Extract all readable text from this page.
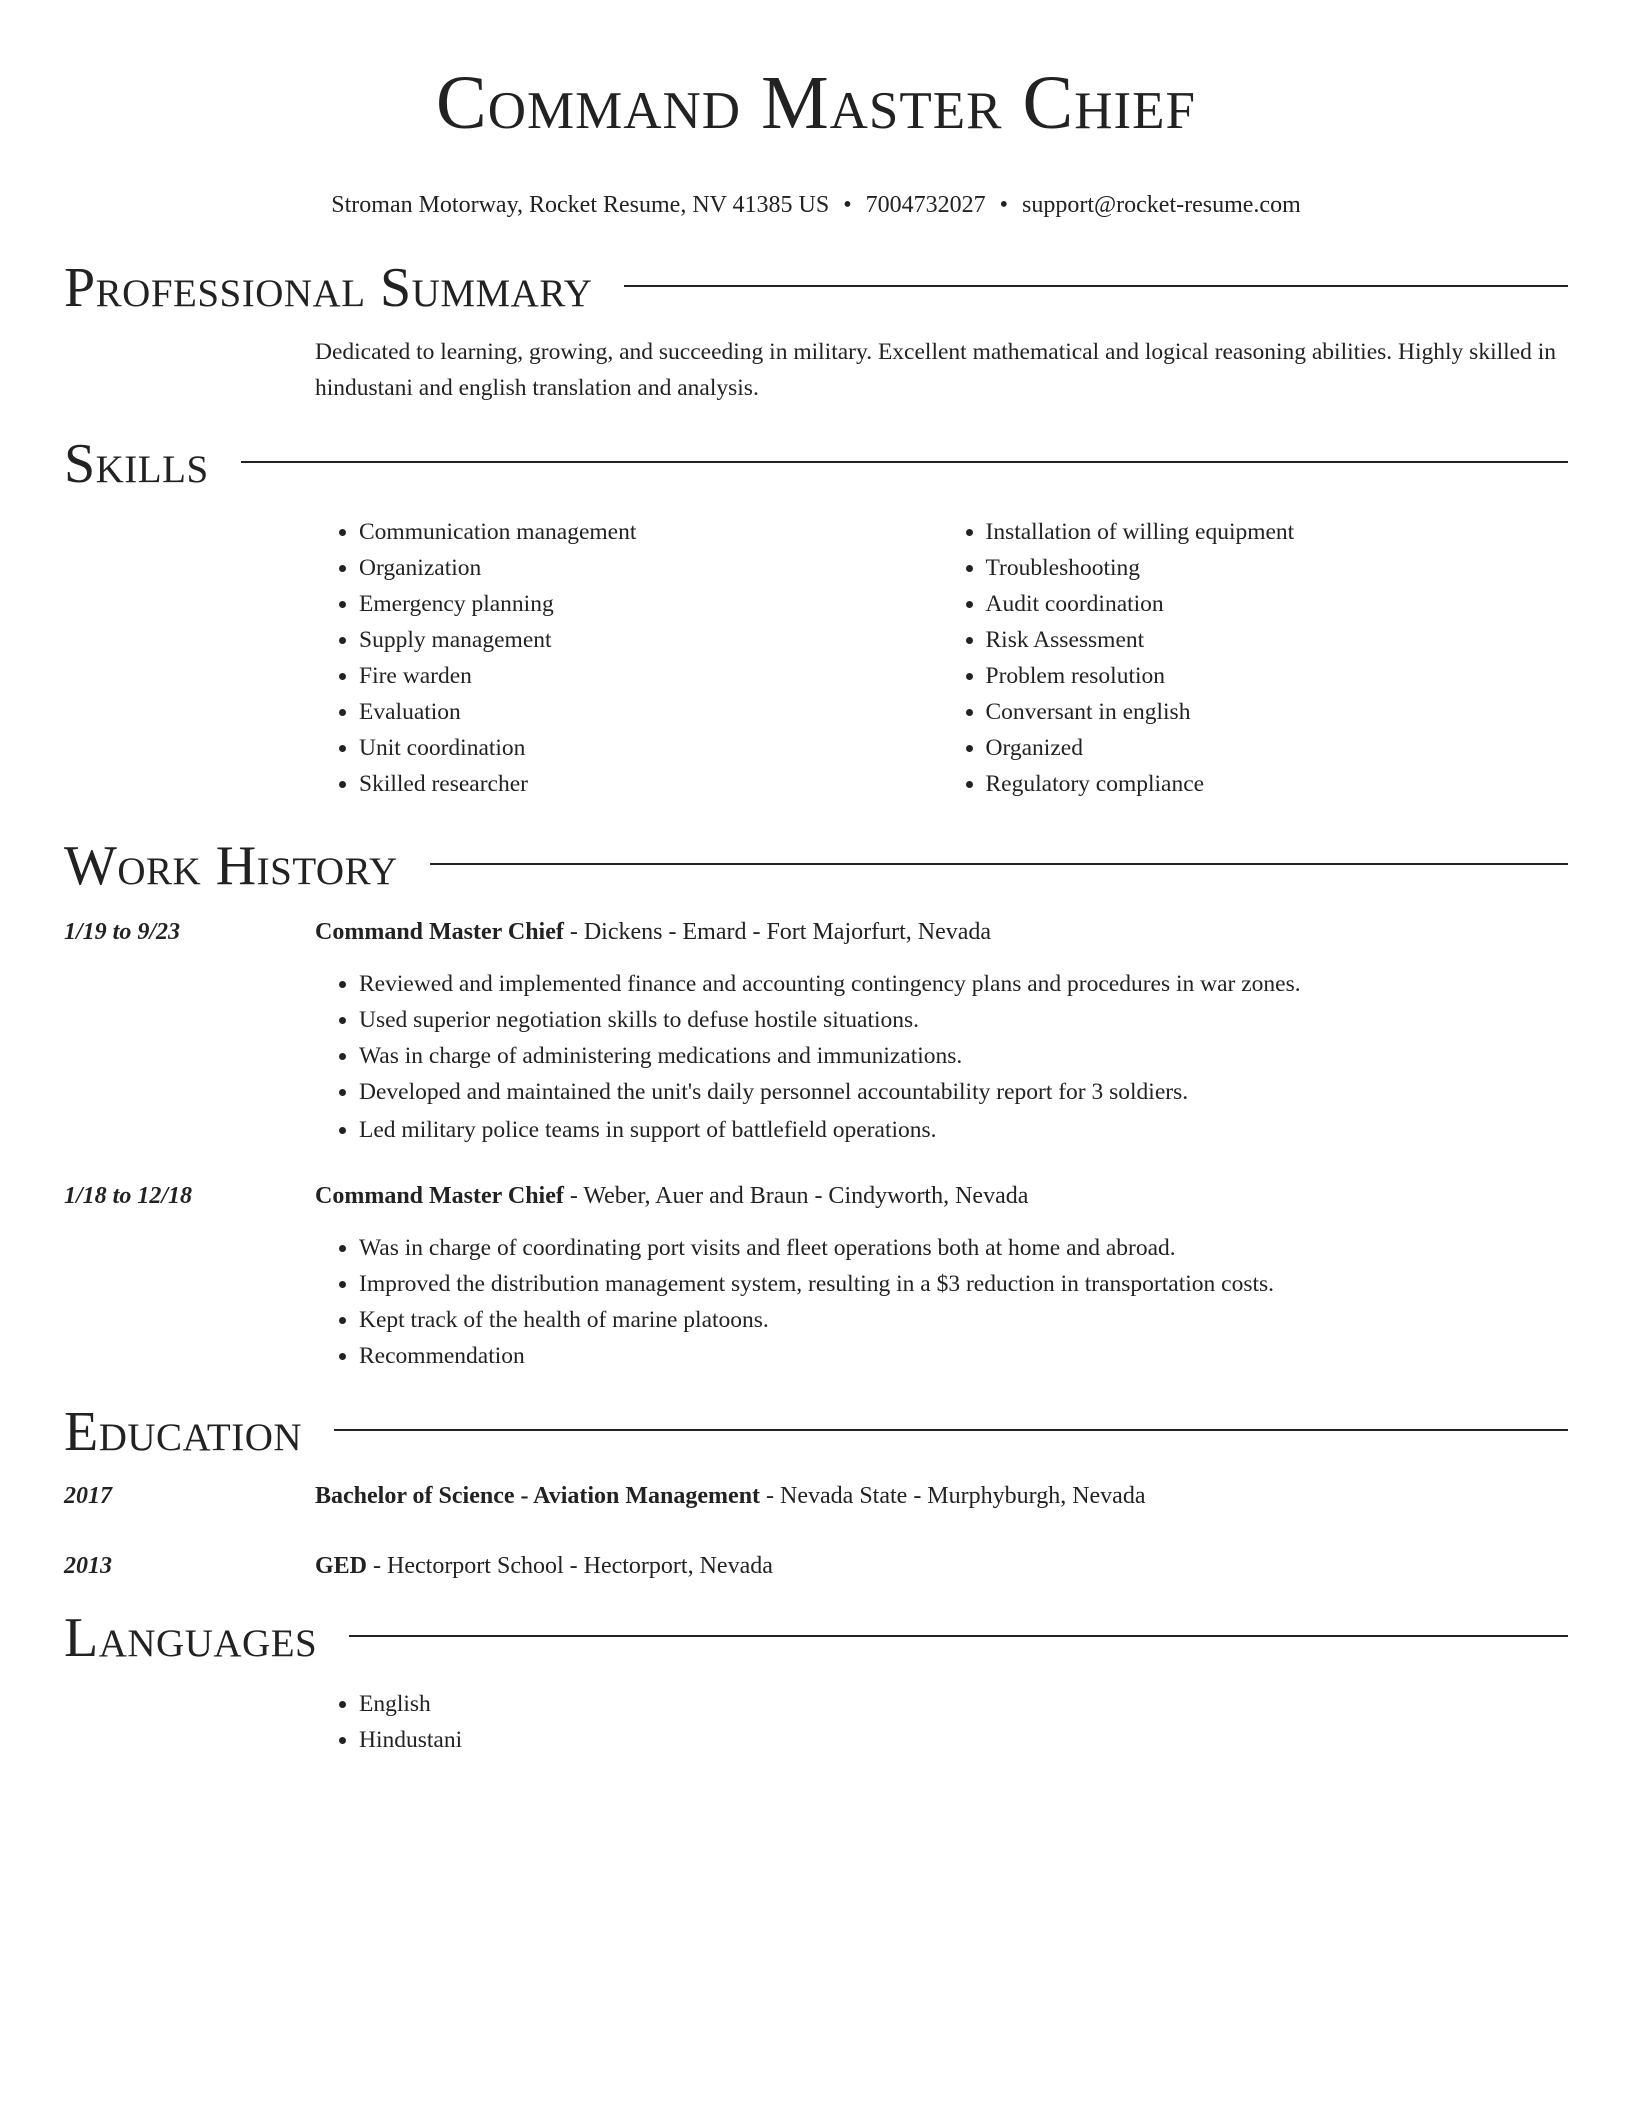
Command Master Chief
Stroman Motorway, Rocket Resume, NV 41385 US • 7004732027 • support@rocket-resume.com
Professional Summary
Dedicated to learning, growing, and succeeding in military. Excellent mathematical and logical reasoning abilities. Highly skilled in hindustani and english translation and analysis.
Skills
• Communication management
• Organization
• Emergency planning
• Supply management
• Fire warden
• Evaluation
• Unit coordination
• Skilled researcher
• Installation of willing equipment
• Troubleshooting
• Audit coordination
• Risk Assessment
• Problem resolution
• Conversant in english
• Organized
• Regulatory compliance
Work History
1/19 to 9/23	Command Master Chief - Dickens - Emard - Fort Majorfurt, Nevada
• Reviewed and implemented finance and accounting contingency plans and procedures in war zones.
• Used superior negotiation skills to defuse hostile situations.
• Was in charge of administering medications and immunizations.
• Developed and maintained the unit's daily personnel accountability report for 3 soldiers.
• Led military police teams in support of battlefield operations.
1/18 to 12/18	Command Master Chief - Weber, Auer and Braun - Cindyworth, Nevada
• Was in charge of coordinating port visits and fleet operations both at home and abroad.
• Improved the distribution management system, resulting in a $3 reduction in transportation costs.
• Kept track of the health of marine platoons.
• Recommendation
Education
2017	Bachelor of Science - Aviation Management - Nevada State - Murphyburgh, Nevada
2013	GED - Hectorport School - Hectorport, Nevada
Languages
• English
• Hindustani
